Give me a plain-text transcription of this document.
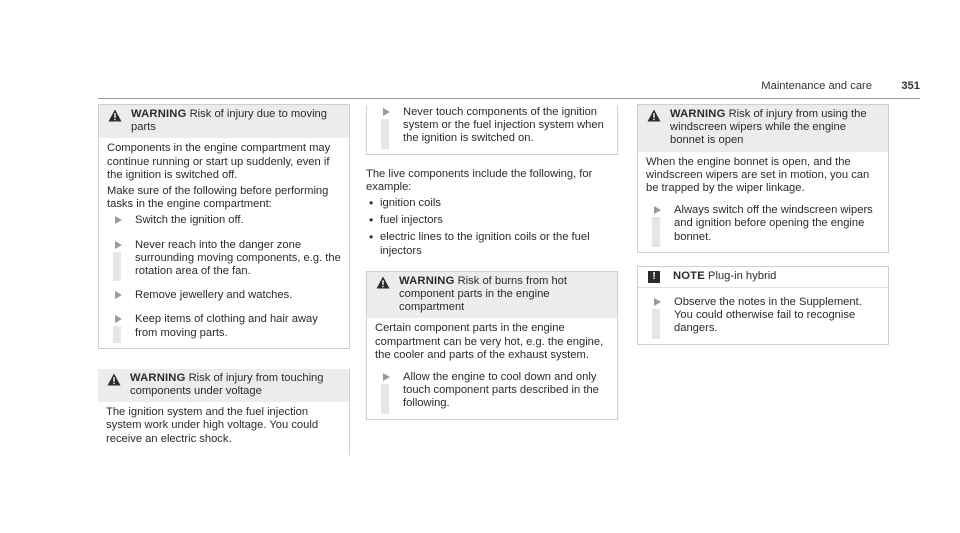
Maintenance and care	351
WARNING Risk of injury due to moving parts
Components in the engine compartment may continue running or start up suddenly, even if the ignition is switched off.
Make sure of the following before performing tasks in the engine compartment:
Switch the ignition off.
Never reach into the danger zone surrounding moving components, e.g. the rotation area of the fan.
Remove jewellery and watches.
Keep items of clothing and hair away from moving parts.
WARNING Risk of injury from touching components under voltage
The ignition system and the fuel injection system work under high voltage. You could receive an electric shock.
Never touch components of the ignition system or the fuel injection system when the ignition is switched on.
The live components include the following, for example:
• ignition coils
• fuel injectors
• electric lines to the ignition coils or the fuel injectors
WARNING Risk of burns from hot component parts in the engine compartment
Certain component parts in the engine compartment can be very hot, e.g. the engine, the cooler and parts of the exhaust system.
Allow the engine to cool down and only touch component parts described in the following.
WARNING Risk of injury from using the windscreen wipers while the engine bonnet is open
When the engine bonnet is open, and the windscreen wipers are set in motion, you can be trapped by the wiper linkage.
Always switch off the windscreen wipers and ignition before opening the engine bonnet.
!	NOTE Plug-in hybrid
Observe the notes in the Supplement. You could otherwise fail to recognise dangers.
